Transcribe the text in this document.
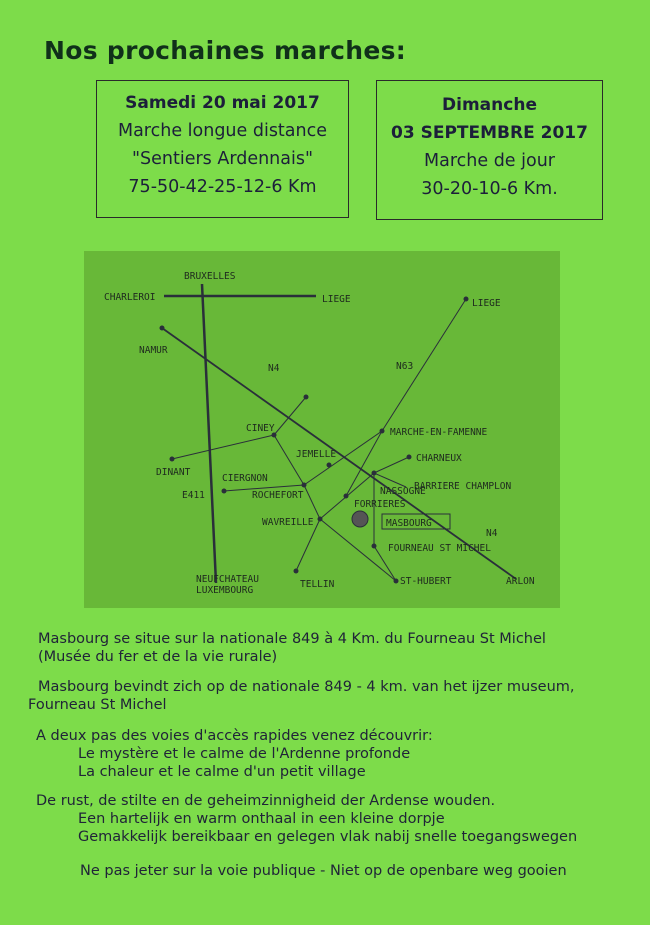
Nos prochaines marches:
Samedi 20 mai 2017
Marche longue distance
"Sentiers Ardennais"
75-50-42-25-12-6 Km
Dimanche
03 SEPTEMBRE 2017
Marche de jour
30-20-10-6 Km.
BRUXELLES
CHARLEROI	LIEGE	LIEGE
NAMUR
N4	N63
CINEY	MARCHE-EN-FAMENNE
JEMELLE	CHARNEUX
DINANT
CIERGNON
NASSOGNE
BARRIERE CHAMPLON
E411	ROCHEFORT
FORRIERES
WAVREILLE	MASBOURG
N4
FOURNEAU ST MICHEL
NEUFCHATEAU
LUXEMBOURG
TELLIN	ST-HUBERT	ARLON
Masbourg se situe sur la nationale 849 à 4 Km. du Fourneau St Michel
(Musée du fer et de la vie rurale)
Masbourg bevindt zich op de nationale 849 - 4 km. van het ijzer museum,
Fourneau St Michel
A deux pas des voies d'accès rapides venez découvrir:
Le mystère et le calme de l'Ardenne profonde
La chaleur et le calme d'un petit village
De rust, de stilte en de geheimzinnigheid der Ardense wouden.
Een hartelijk en warm onthaal in een kleine dorpje
Gemakkelijk bereikbaar en gelegen vlak nabij snelle toegangswegen
Ne pas jeter sur la voie publique - Niet op de openbare weg gooien
